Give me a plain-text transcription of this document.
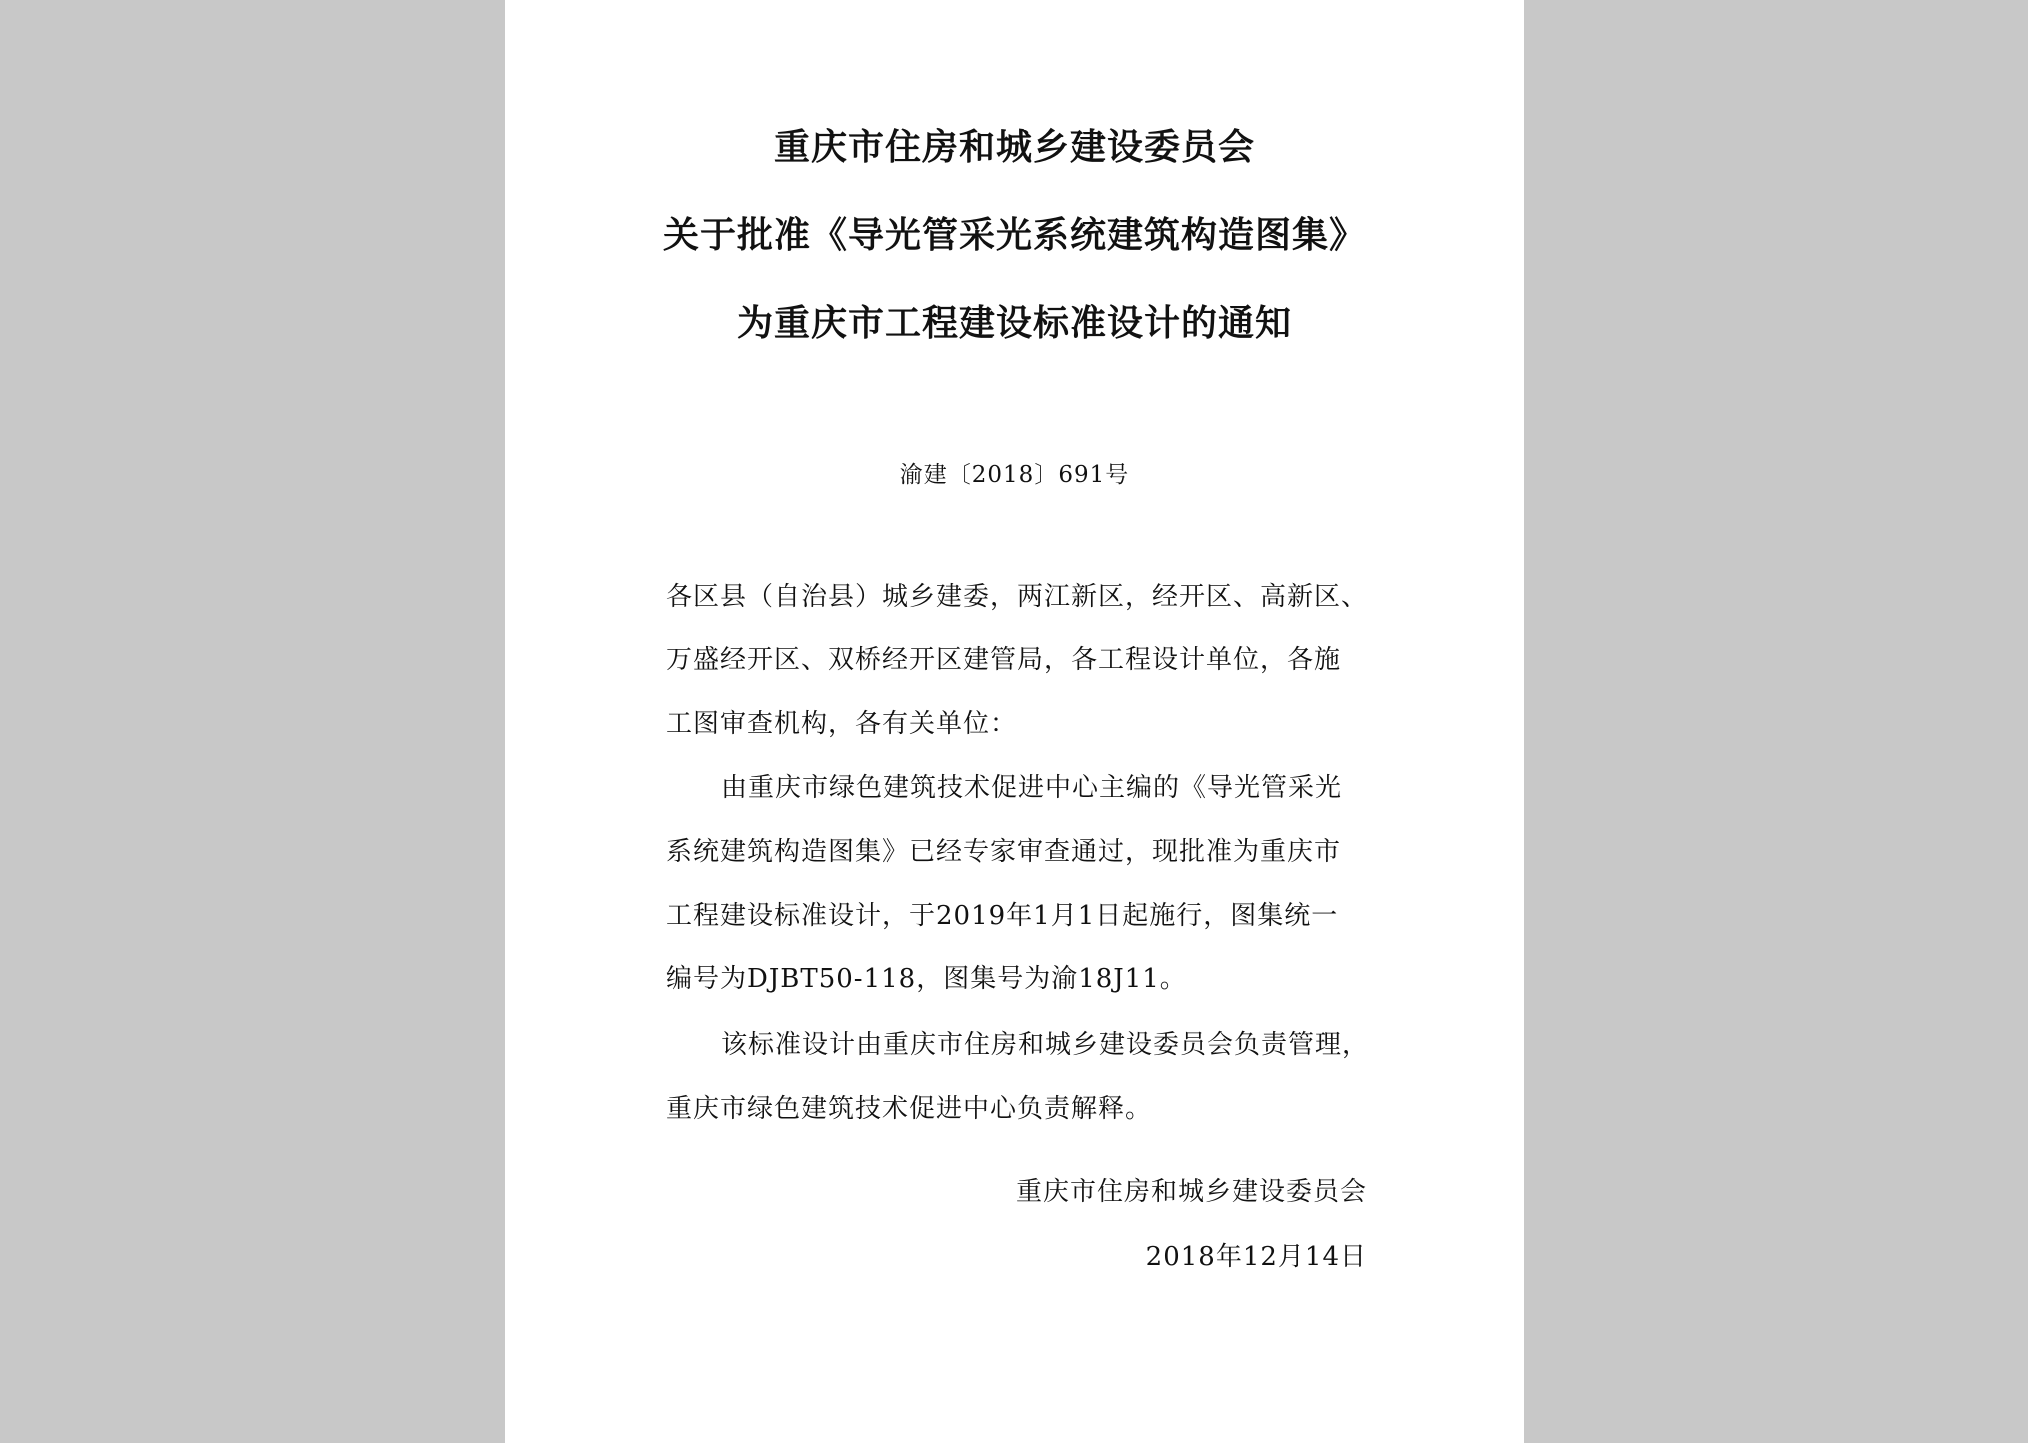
重庆市住房和城乡建设委员会
关于批准《导光管采光系统建筑构造图集》
为重庆市工程建设标准设计的通知
渝建〔2018〕691号
各区县（自治县）城乡建委，两江新区，经开区、高新区、
万盛经开区、双桥经开区建管局，各工程设计单位，各施
工图审查机构，各有关单位：
由重庆市绿色建筑技术促进中心主编的《导光管采光
系统建筑构造图集》已经专家审查通过，现批准为重庆市
工程建设标准设计，于2019年1月1日起施行，图集统一
编号为DJBT50-118，图集号为渝18J11。
该标准设计由重庆市住房和城乡建设委员会负责管理，
重庆市绿色建筑技术促进中心负责解释。
重庆市住房和城乡建设委员会
2018年12月14日
